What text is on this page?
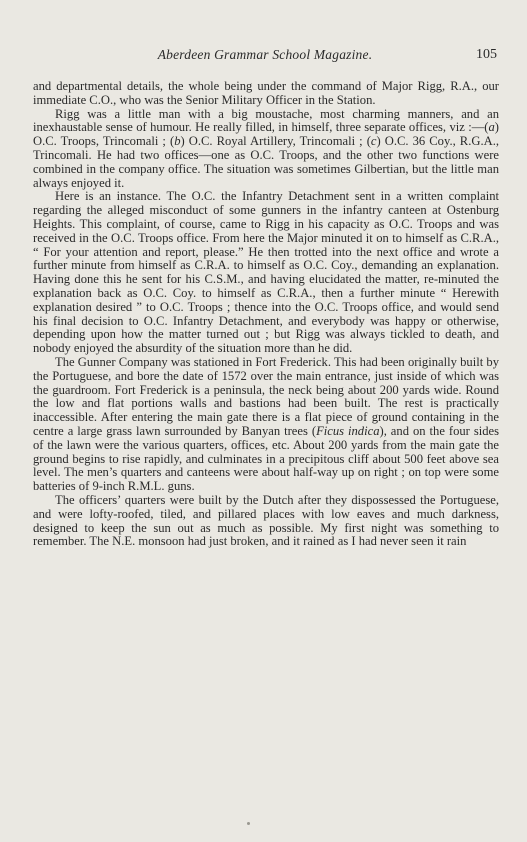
Aberdeen Grammar School Magazine.	105

and departmental details, the whole being under the command of Major Rigg, R.A., our immediate C.O., who was the Senior Military Officer in the Station.

Rigg was a little man with a big moustache, most charming manners, and an inexhaustable sense of humour. He really filled, in himself, three separate offices, viz :—(a) O.C. Troops, Trincomali ; (b) O.C. Royal Artillery, Trincomali ; (c) O.C. 36 Coy., R.G.A., Trincomali. He had two offices—one as O.C. Troops, and the other two functions were combined in the company office. The situation was sometimes Gilbertian, but the little man always enjoyed it.

Here is an instance. The O.C. the Infantry Detachment sent in a written complaint regarding the alleged misconduct of some gunners in the infantry canteen at Ostenburg Heights. This complaint, of course, came to Rigg in his capacity as O.C. Troops and was received in the O.C. Troops office. From here the Major minuted it on to himself as C.R.A., “ For your attention and report, please.” He then trotted into the next office and wrote a further minute from himself as C.R.A. to himself as O.C. Coy., demanding an explanation. Having done this he sent for his C.S.M., and having elucidated the matter, re-minuted the explanation back as O.C. Coy. to himself as C.R.A., then a further minute “ Herewith explanation desired ” to O.C. Troops ; thence into the O.C. Troops office, and would send his final decision to O.C. Infantry Detachment, and everybody was happy or otherwise, depending upon how the matter turned out ; but Rigg was always tickled to death, and nobody enjoyed the absurdity of the situation more than he did.

The Gunner Company was stationed in Fort Frederick. This had been originally built by the Portuguese, and bore the date of 1572 over the main entrance, just inside of which was the guardroom. Fort Frederick is a peninsula, the neck being about 200 yards wide. Round the low and flat portions walls and bastions had been built. The rest is practically inaccessible. After entering the main gate there is a flat piece of ground containing in the centre a large grass lawn surrounded by Banyan trees (Ficus indica), and on the four sides of the lawn were the various quarters, offices, etc. About 200 yards from the main gate the ground begins to rise rapidly, and culminates in a precipitous cliff about 500 feet above sea level. The men’s quarters and canteens were about half-way up on right ; on top were some batteries of 9-inch R.M.L. guns.

The officers’ quarters were built by the Dutch after they dispossessed the Portuguese, and were lofty-roofed, tiled, and pillared places with low eaves and much darkness, designed to keep the sun out as much as possible. My first night was something to remember. The N.E. monsoon had just broken, and it rained as I had never seen it rain
